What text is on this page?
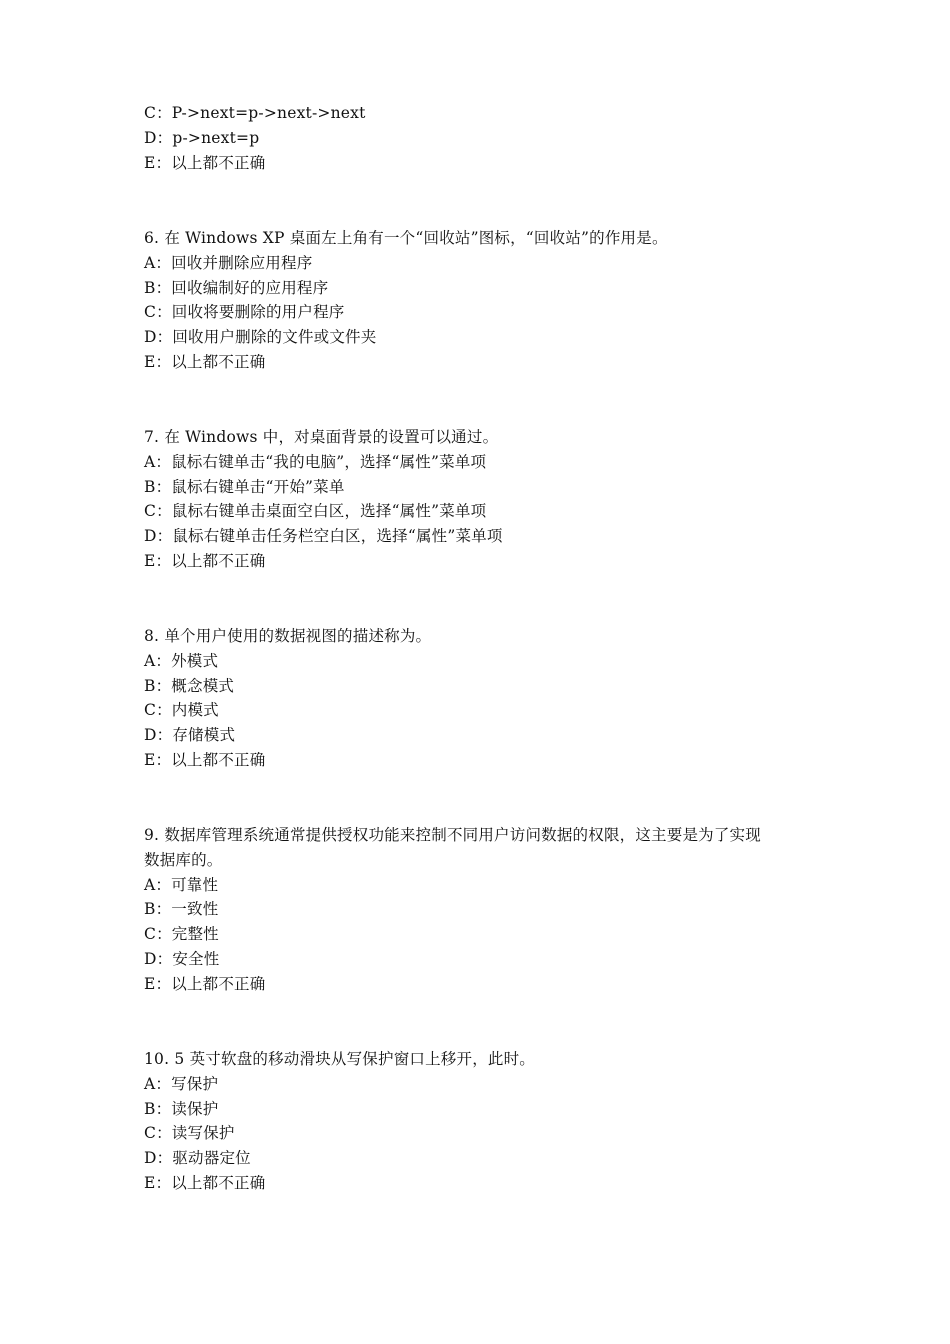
C ：	P->next=p->next->next
D ：	p->next=p
E ：	以上都不正确
6. 在 Windows XP 桌面左上角有一个“回收站”图标，“回收站”的作用是。
A ：	回收并删除应用程序
B ：	回收编制好的应用程序
C ：	回收将要删除的用户程序
D ：	回收用户删除的文件或文件夹
E ：	以上都不正确
7. 在 Windows 中，对桌面背景的设置可以通过。
A ：	鼠标右键单击“我的电脑”，选择“属性”菜单项
B ：	鼠标右键单击“开始”菜单
C ：	鼠标右键单击桌面空白区，选择“属性”菜单项
D ：	鼠标右键单击任务栏空白区，选择“属性”菜单项
E ：	以上都不正确
8. 单个用户使用的数据视图的描述称为。
A ：	外模式
B ：	概念模式
C ：	内模式
D ：	存储模式
E ：	以上都不正确
9. 数据库管理系统通常提供授权功能来控制不同用户访问数据的权限，这主要是为了实现
数据库的。
A ：	可靠性
B ：	一致性
C ：	完整性
D ：	安全性
E ：	以上都不正确
10. 5 英寸软盘的移动滑块从写保护窗口上移开，此时。
A ：	写保护
B ：	读保护
C ：	读写保护
D ：	驱动器定位
E ：	以上都不正确
